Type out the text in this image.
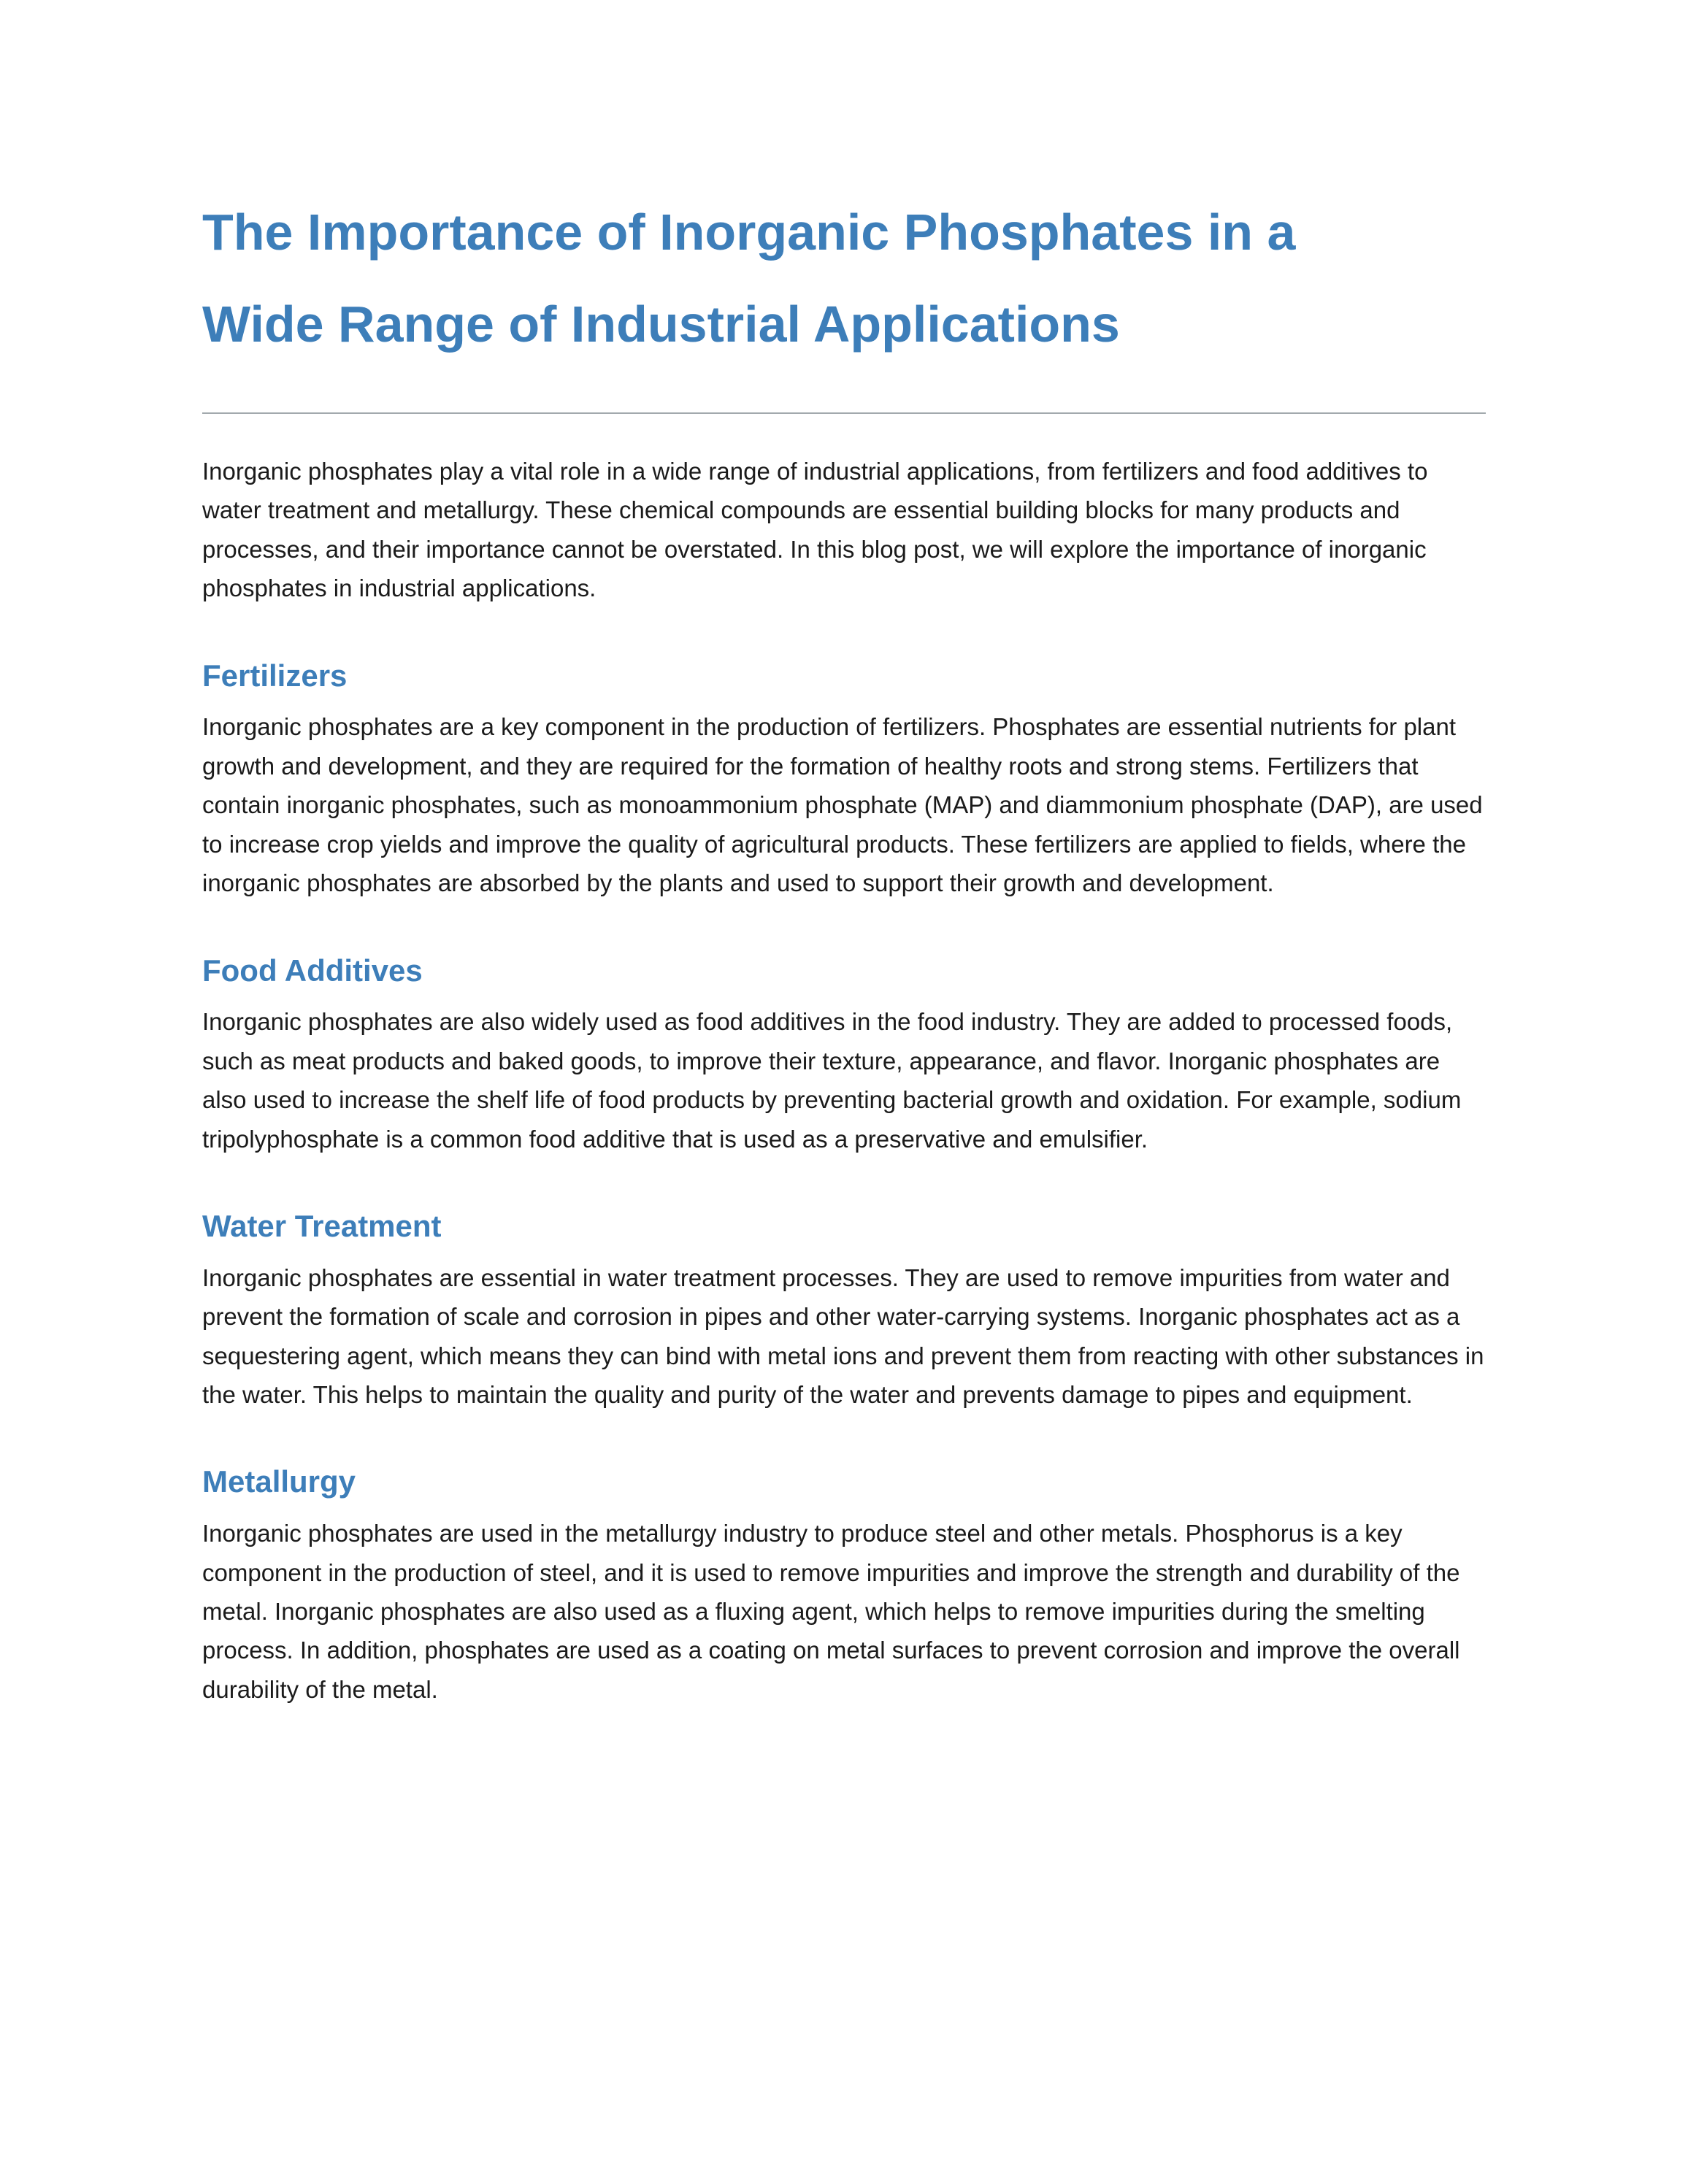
The Importance of Inorganic Phosphates in a Wide Range of Industrial Applications

Inorganic phosphates play a vital role in a wide range of industrial applications, from fertilizers and food additives to water treatment and metallurgy. These chemical compounds are essential building blocks for many products and processes, and their importance cannot be overstated. In this blog post, we will explore the importance of inorganic phosphates in industrial applications.

Fertilizers

Inorganic phosphates are a key component in the production of fertilizers. Phosphates are essential nutrients for plant growth and development, and they are required for the formation of healthy roots and strong stems. Fertilizers that contain inorganic phosphates, such as monoammonium phosphate (MAP) and diammonium phosphate (DAP), are used to increase crop yields and improve the quality of agricultural products. These fertilizers are applied to fields, where the inorganic phosphates are absorbed by the plants and used to support their growth and development.

Food Additives

Inorganic phosphates are also widely used as food additives in the food industry. They are added to processed foods, such as meat products and baked goods, to improve their texture, appearance, and flavor. Inorganic phosphates are also used to increase the shelf life of food products by preventing bacterial growth and oxidation. For example, sodium tripolyphosphate is a common food additive that is used as a preservative and emulsifier.

Water Treatment

Inorganic phosphates are essential in water treatment processes. They are used to remove impurities from water and prevent the formation of scale and corrosion in pipes and other water-carrying systems. Inorganic phosphates act as a sequestering agent, which means they can bind with metal ions and prevent them from reacting with other substances in the water. This helps to maintain the quality and purity of the water and prevents damage to pipes and equipment.

Metallurgy

Inorganic phosphates are used in the metallurgy industry to produce steel and other metals. Phosphorus is a key component in the production of steel, and it is used to remove impurities and improve the strength and durability of the metal. Inorganic phosphates are also used as a fluxing agent, which helps to remove impurities during the smelting process. In addition, phosphates are used as a coating on metal surfaces to prevent corrosion and improve the overall durability of the metal.
